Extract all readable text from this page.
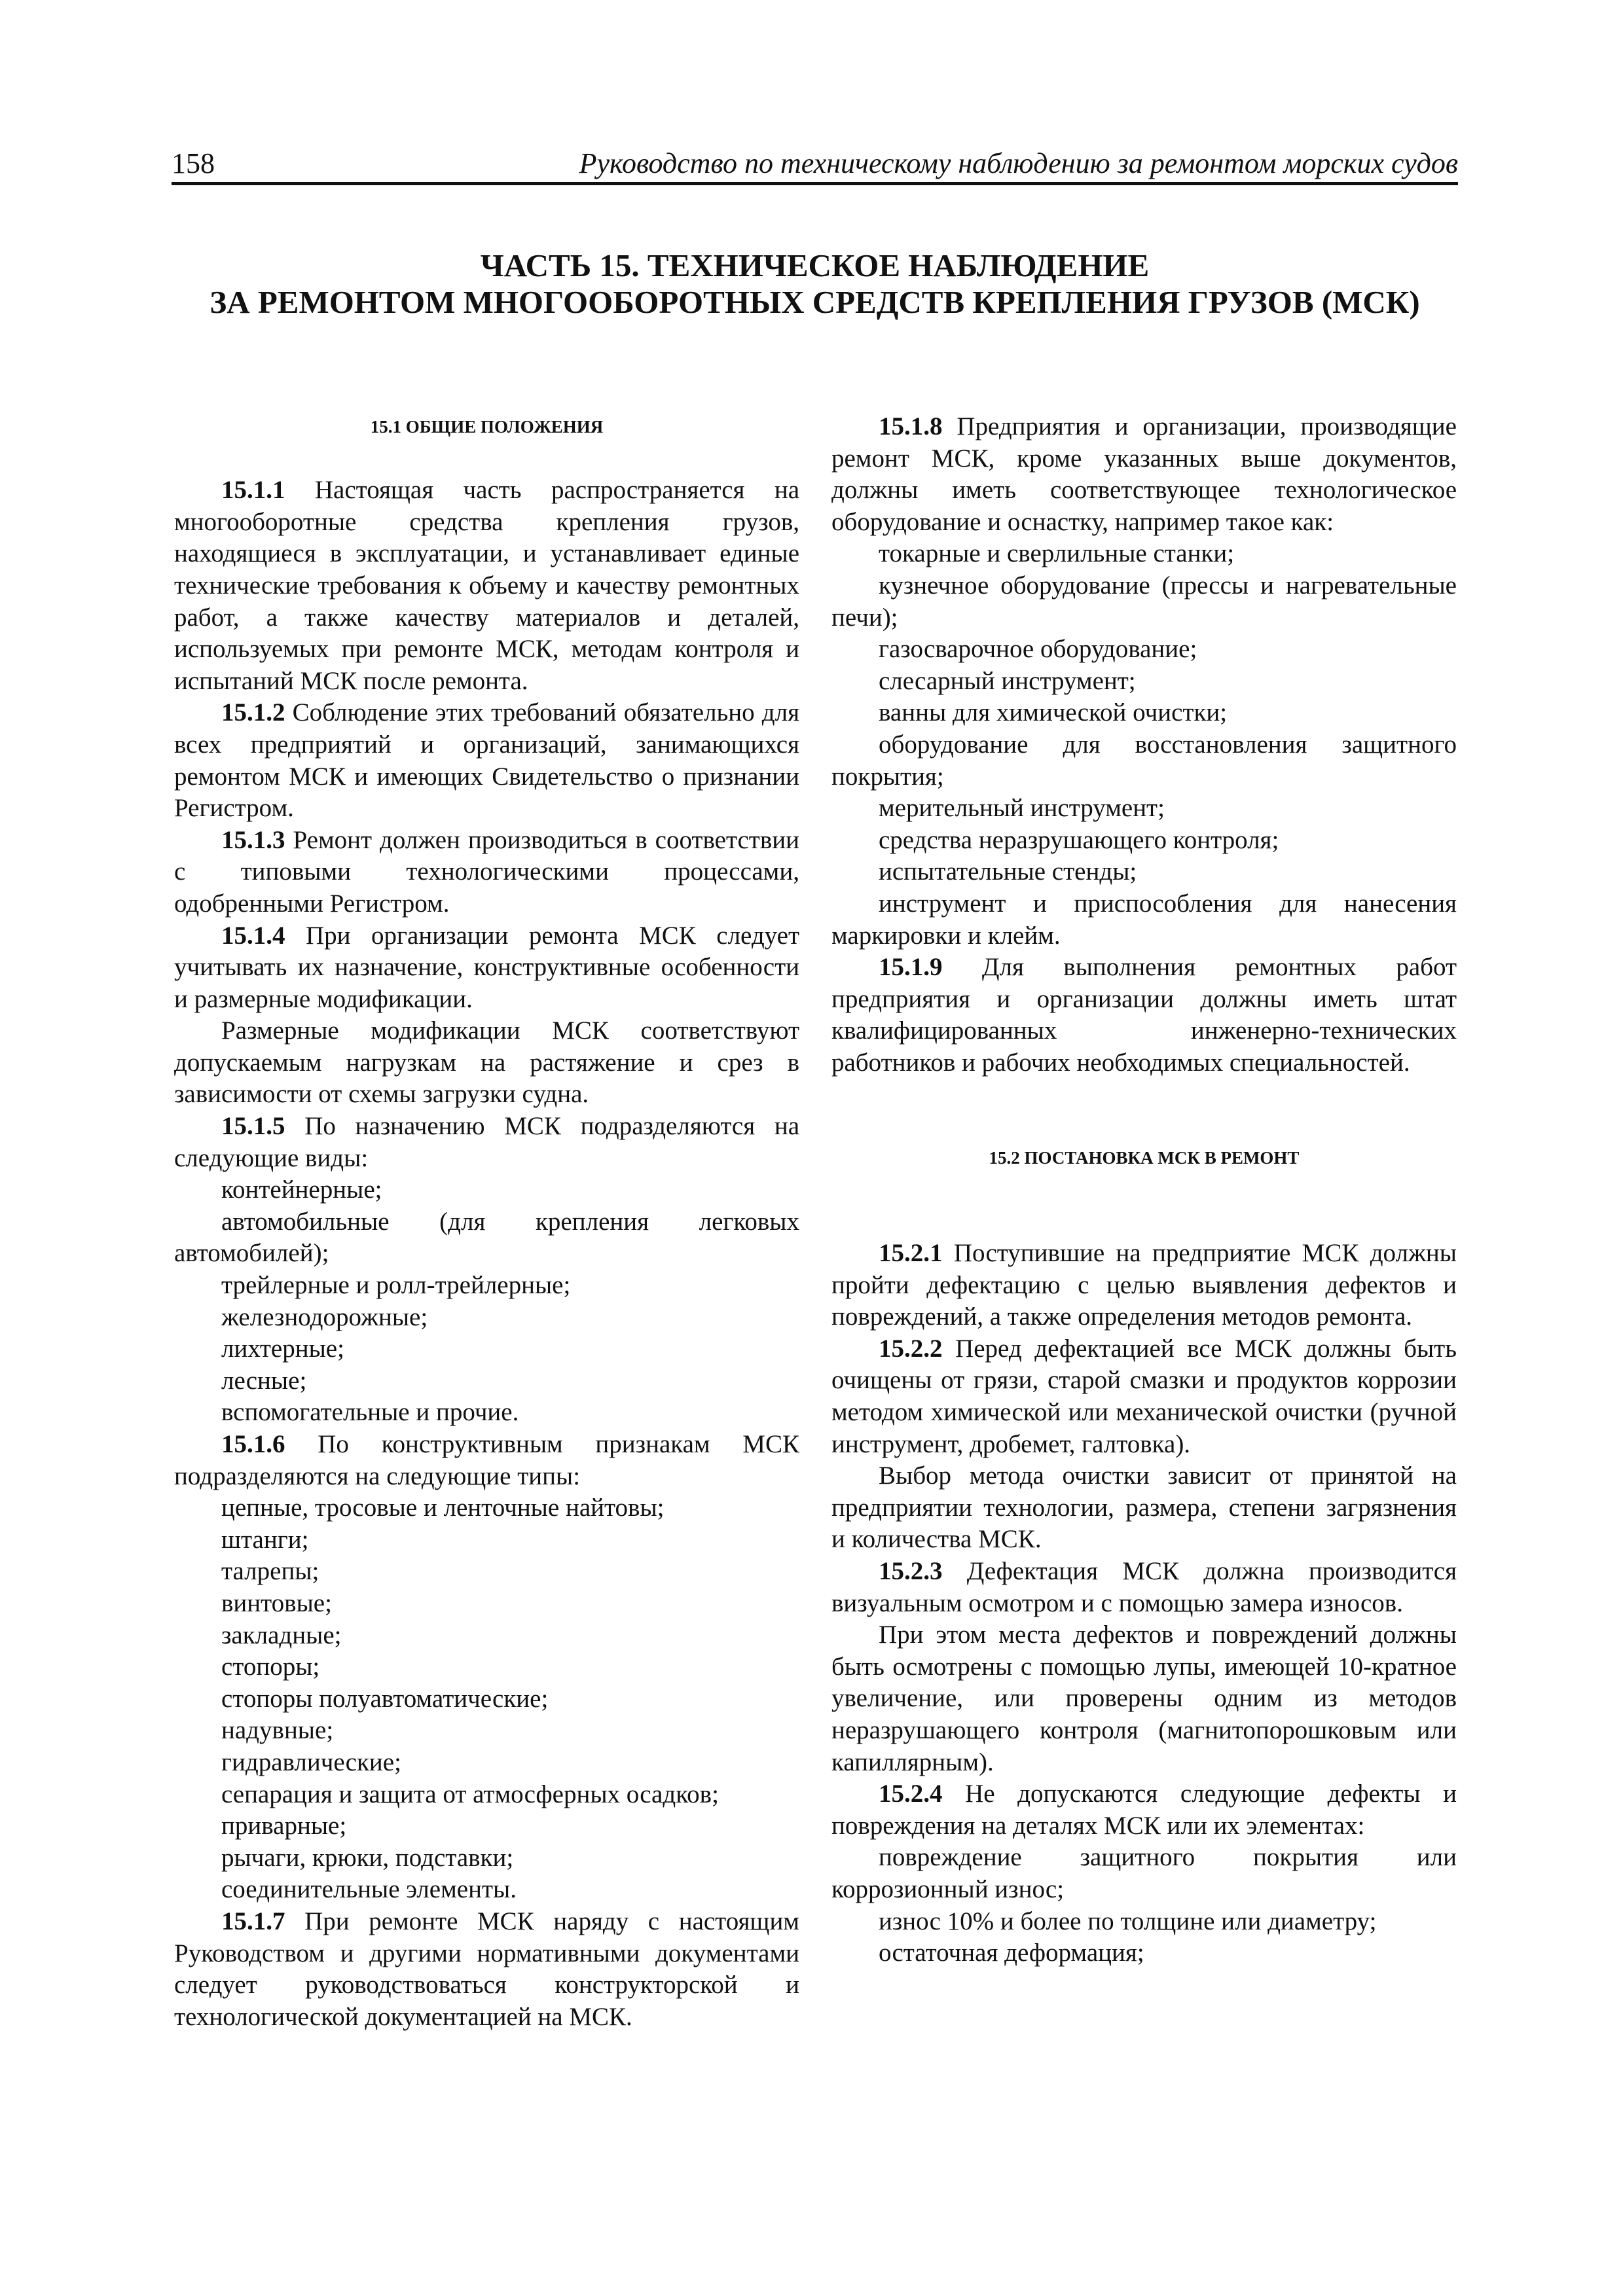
158	Руководство по техническому наблюдению за ремонтом морских судов
ЧАСТЬ 15. ТЕХНИЧЕСКОЕ НАБЛЮДЕНИЕ
ЗА РЕМОНТОМ МНОГООБОРОТНЫХ СРЕДСТВ КРЕПЛЕНИЯ ГРУЗОВ (МСК)
15.1 ОБЩИЕ ПОЛОЖЕНИЯ

15.1.1 Настоящая часть распространяется на многооборотные средства крепления грузов, находящиеся в эксплуатации, и устанавливает единые технические требования к объему и качеству ремонтных работ, а также качеству материалов и деталей, используемых при ремонте МСК, методам контроля и испытаний МСК после ремонта.

15.1.2 Соблюдение этих требований обязательно для всех предприятий и организаций, занимающихся ремонтом МСК и имеющих Свидетельство о признании Регистром.

15.1.3 Ремонт должен производиться в соответствии с типовыми технологическими процессами, одобренными Регистром.

15.1.4 При организации ремонта МСК следует учитывать их назначение, конструктивные особенности и размерные модификации.

Размерные модификации МСК соответствуют допускаемым нагрузкам на растяжение и срез в зависимости от схемы загрузки судна.

15.1.5 По назначению МСК подразделяются на следующие виды:

контейнерные;

автомобильные (для крепления легковых автомобилей);

трейлерные и ролл-трейлерные;

железнодорожные;

лихтерные;

лесные;

вспомогательные и прочие.

15.1.6 По конструктивным признакам МСК подразделяются на следующие типы:

цепные, тросовые и ленточные найтовы;

штанги;

талрепы;

винтовые;

закладные;

стопоры;

стопоры полуавтоматические;

надувные;

гидравлические;

сепарация и защита от атмосферных осадков;

приварные;

рычаги, крюки, подставки;

соединительные элементы.

15.1.7 При ремонте МСК наряду с настоящим Руководством и другими нормативными документами следует руководствоваться конструкторской и технологической документацией на МСК.

15.1.8 Предприятия и организации, производящие ремонт МСК, кроме указанных выше документов, должны иметь соответствующее технологическое оборудование и оснастку, например такое как:

токарные и сверлильные станки;

кузнечное оборудование (прессы и нагревательные печи);

газосварочное оборудование;

слесарный инструмент;

ванны для химической очистки;

оборудование для восстановления защитного покрытия;

мерительный инструмент;

средства неразрушающего контроля;

испытательные стенды;

инструмент и приспособления для нанесения маркировки и клейм.

15.1.9 Для выполнения ремонтных работ предприятия и организации должны иметь штат квалифицированных инженерно-технических работников и рабочих необходимых специальностей.

15.2 ПОСТАНОВКА МСК В РЕМОНТ

15.2.1 Поступившие на предприятие МСК должны пройти дефектацию с целью выявления дефектов и повреждений, а также определения методов ремонта.

15.2.2 Перед дефектацией все МСК должны быть очищены от грязи, старой смазки и продуктов коррозии методом химической или механической очистки (ручной инструмент, дробемет, галтовка).

Выбор метода очистки зависит от принятой на предприятии технологии, размера, степени загрязнения и количества МСК.

15.2.3 Дефектация МСК должна производится визуальным осмотром и с помощью замера износов.

При этом места дефектов и повреждений должны быть осмотрены с помощью лупы, имеющей 10-кратное увеличение, или проверены одним из методов неразрушающего контроля (магнитопорошковым или капиллярным).

15.2.4 Не допускаются следующие дефекты и повреждения на деталях МСК или их элементах:

повреждение защитного покрытия или коррозионный износ;

износ 10% и более по толщине или диаметру;

остаточная деформация;
